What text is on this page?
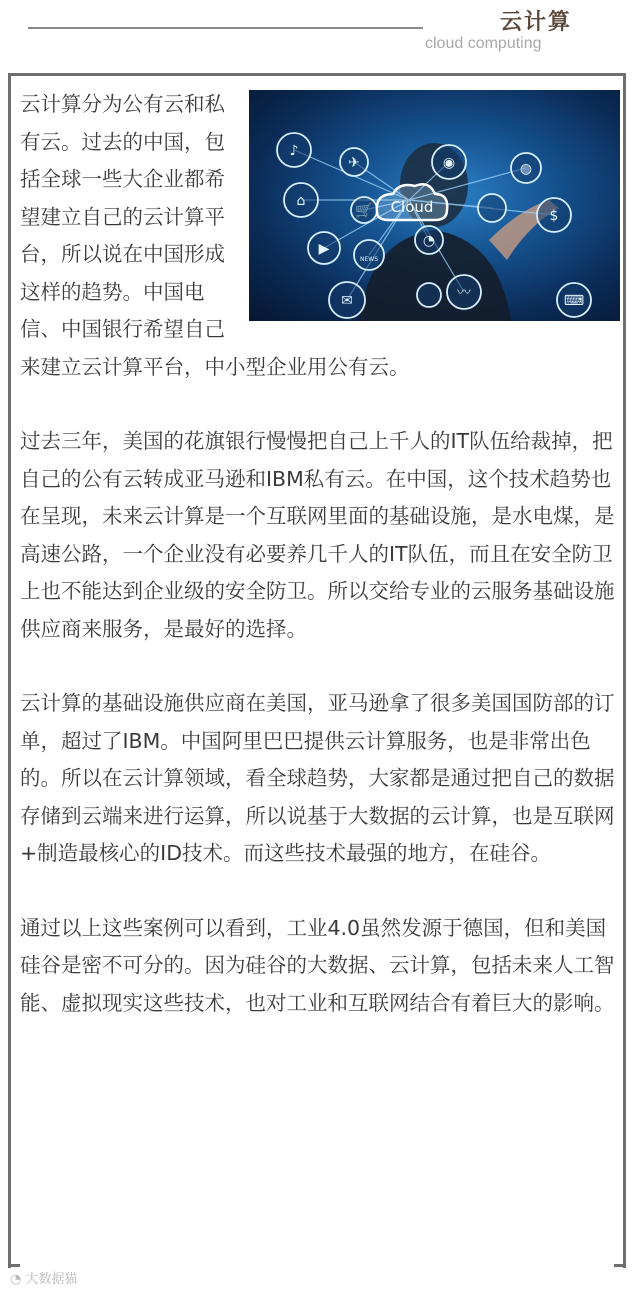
云计算
cloud computing
♪
✈
⌂
🛒
▶
✉	〰
◉	◍
$
⌨
◔
NEWS
Cloud

云计算分为公有云和私有云。过去的中国，包括全球一些大企业都希望建立自己的云计算平台，所以说在中国形成这样的趋势。中国电信、中国银行希望自己来建立云计算平台，中小型企业用公有云。

过去三年，美国的花旗银行慢慢把自己上千人的IT队伍给裁掉，把自己的公有云转成亚马逊和IBM私有云。在中国，这个技术趋势也在呈现，未来云计算是一个互联网里面的基础设施，是水电煤，是高速公路，一个企业没有必要养几千人的IT队伍，而且在安全防卫上也不能达到企业级的安全防卫。所以交给专业的云服务基础设施供应商来服务，是最好的选择。

云计算的基础设施供应商在美国，亚马逊拿了很多美国国防部的订单，超过了IBM。中国阿里巴巴提供云计算服务，也是非常出色的。所以在云计算领域，看全球趋势，大家都是通过把自己的数据存储到云端来进行运算，所以说基于大数据的云计算，也是互联网+制造最核心的ID技术。而这些技术最强的地方，在硅谷。

通过以上这些案例可以看到，工业4.0虽然发源于德国，但和美国硅谷是密不可分的。因为硅谷的大数据、云计算，包括未来人工智能、虚拟现实这些技术，也对工业和互联网结合有着巨大的影响。

◔ 大数据猫
